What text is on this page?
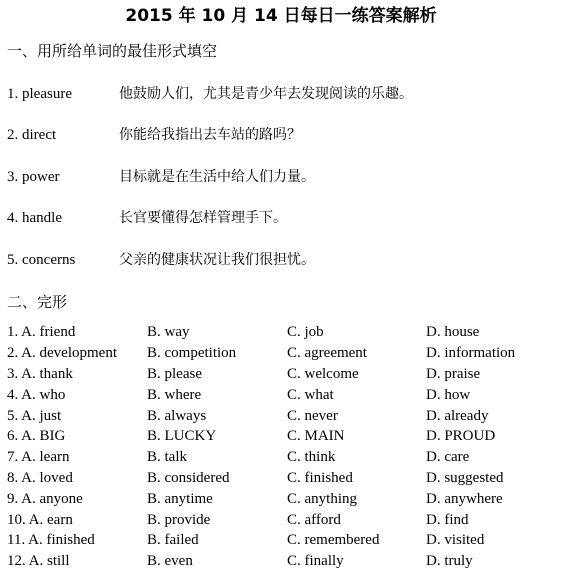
2015 年 10 月 14 日每日一练答案解析
一、用所给单词的最佳形式填空
1. pleasure	他鼓励人们，尤其是青少年去发现阅读的乐趣。
2. direct	你能给我指出去车站的路吗？
3. power	目标就是在生活中给人们力量。
4. handle	长官要懂得怎样管理手下。
5. concerns	父亲的健康状况让我们很担忧。
二、完形
1. A. friend	B. way	C. job	D. house
2. A. development B. competition	C. agreement	D. information
3. A. thank	B. please	C. welcome	D. praise
4. A. who	B. where	C. what	D. how
5. A. just	B. always	C. never	D. already
6. A. BIG	B. LUCKY	C. MAIN	D. PROUD
7. A. learn	B. talk	C. think	D. care
8. A. loved	B. considered	C. finished	D. suggested
9. A. anyone	B. anytime	C. anything	D. anywhere
10. A. earn	B. provide	C. afford	D. find
11. A. finished	B. failed	C. remembered	D. visited
12. A. still	B. even	C. finally	D. truly
